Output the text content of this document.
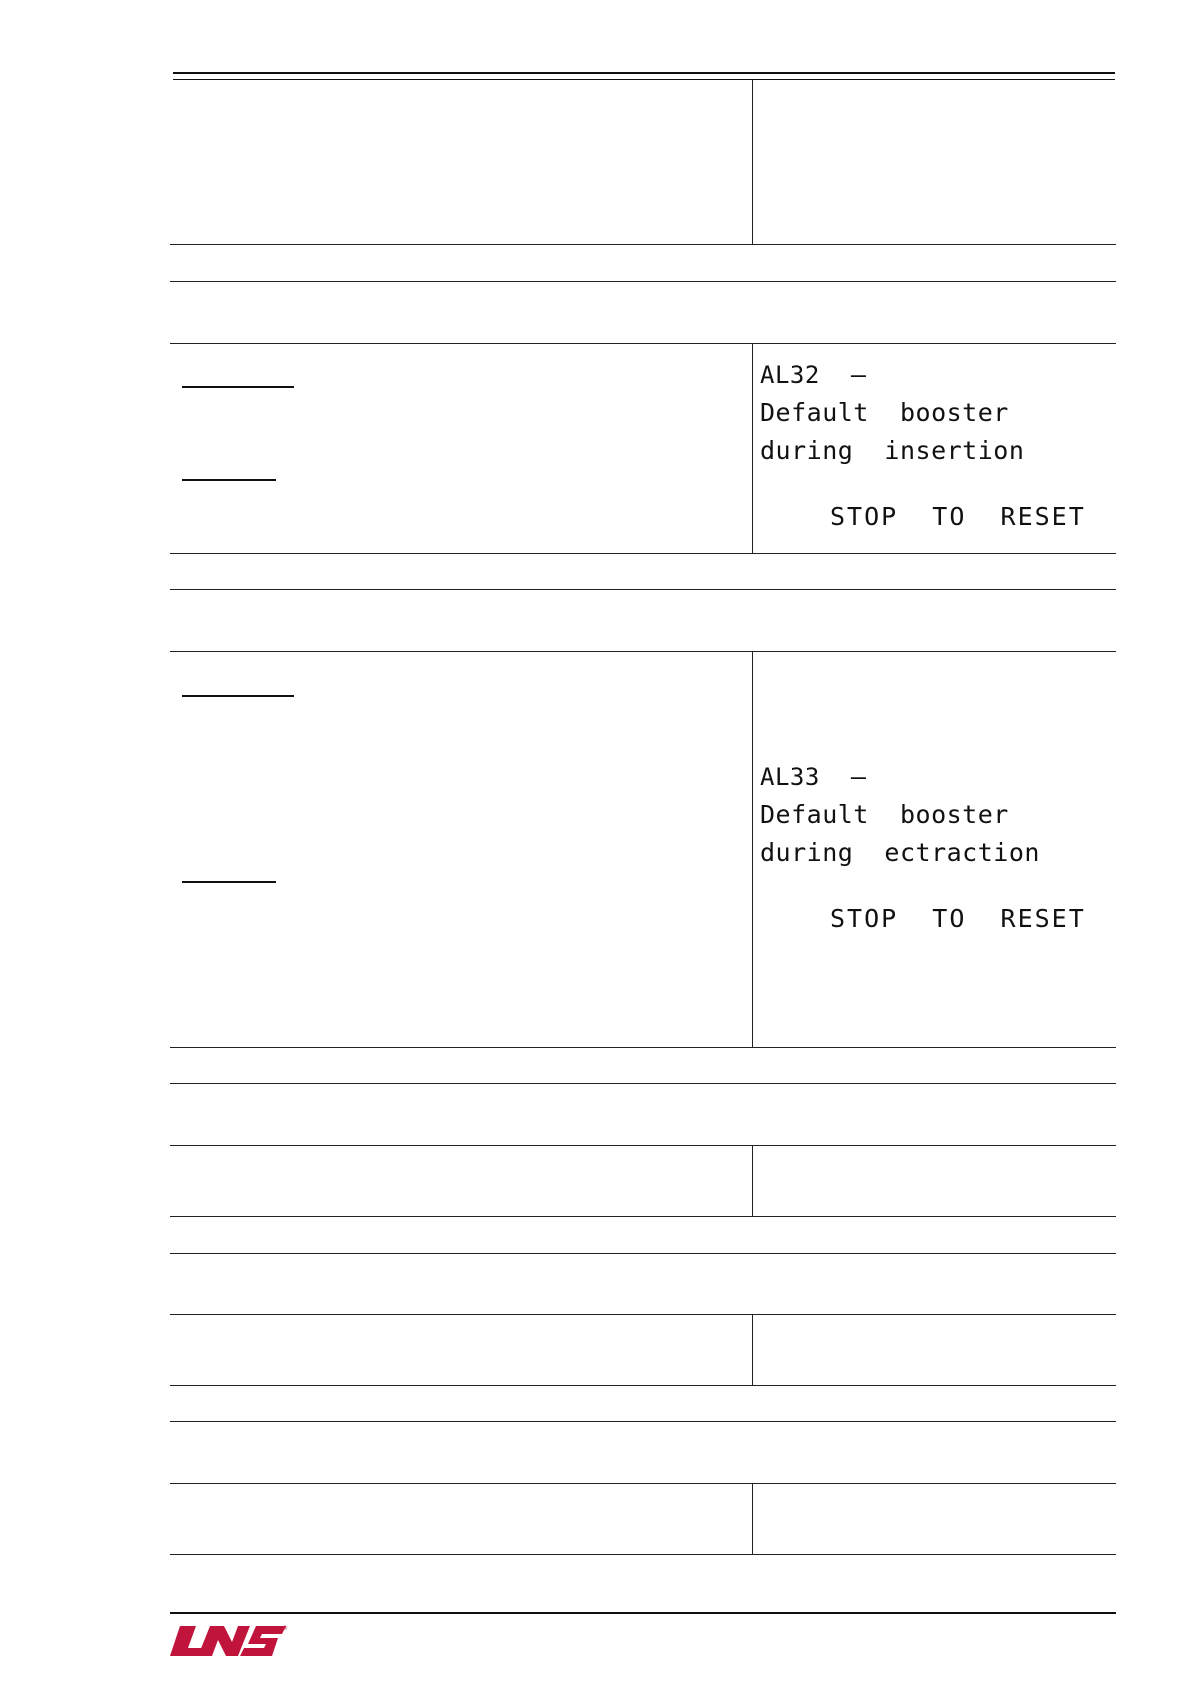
AL32 –
Default  booster
during  insertion
STOP  TO  RESET
AL33 –
Default  booster
during  ectraction
STOP  TO  RESET
®
